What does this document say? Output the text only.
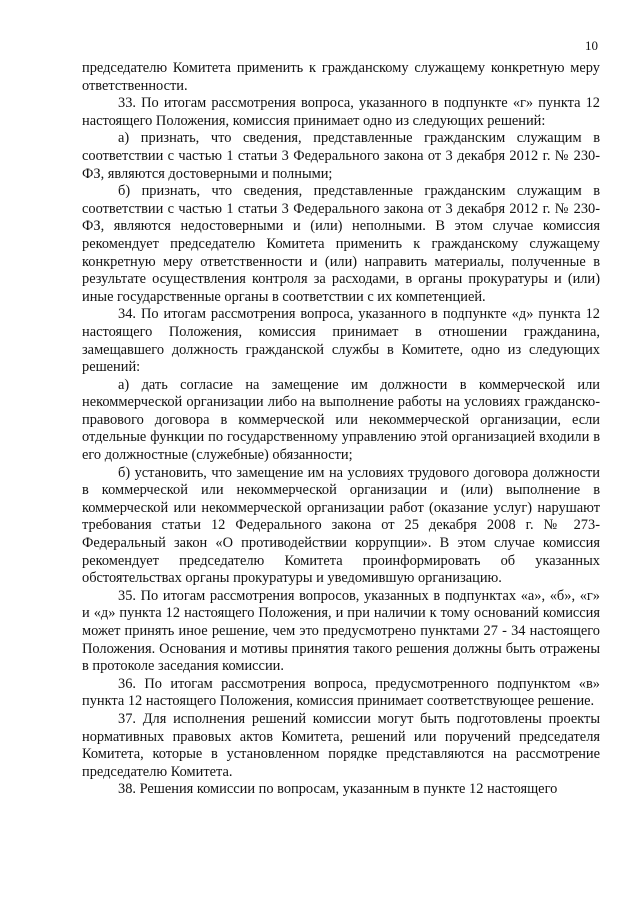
10

председателю Комитета применить к гражданскому служащему конкретную меру ответственности.

33. По итогам рассмотрения вопроса, указанного в подпункте «г» пункта 12 настоящего Положения, комиссия принимает одно из следующих решений:

а) признать, что сведения, представленные гражданским служащим в соответствии с частью 1 статьи 3 Федерального закона от 3 декабря 2012 г. № 230-ФЗ, являются достоверными и полными;

б) признать, что сведения, представленные гражданским служащим в соответствии с частью 1 статьи 3 Федерального закона от 3 декабря 2012 г. № 230-ФЗ, являются недостоверными и (или) неполными. В этом случае комиссия рекомендует председателю Комитета применить к гражданскому служащему конкретную меру ответственности и (или) направить материалы, полученные в результате осуществления контроля за расходами, в органы прокуратуры и (или) иные государственные органы в соответствии с их компетенцией.

34. По итогам рассмотрения вопроса, указанного в подпункте «д» пункта 12 настоящего Положения, комиссия принимает в отношении гражданина, замещавшего должность гражданской службы в Комитете, одно из следующих решений:

а) дать согласие на замещение им должности в коммерческой или некоммерческой организации либо на выполнение работы на условиях гражданско-правового договора в коммерческой или некоммерческой организации, если отдельные функции по государственному управлению этой организацией входили в его должностные (служебные) обязанности;

б) установить, что замещение им на условиях трудового договора должности в коммерческой или некоммерческой организации и (или) выполнение в коммерческой или некоммерческой организации работ (оказание услуг) нарушают требования статьи 12 Федерального закона от 25 декабря 2008 г. № 273-Федеральный закон «О противодействии коррупции». В этом случае комиссия рекомендует председателю Комитета проинформировать об указанных обстоятельствах органы прокуратуры и уведомившую организацию.

35. По итогам рассмотрения вопросов, указанных в подпунктах «а», «б», «г» и «д» пункта 12 настоящего Положения, и при наличии к тому оснований комиссия может принять иное решение, чем это предусмотрено пунктами 27 - 34 настоящего Положения. Основания и мотивы принятия такого решения должны быть отражены в протоколе заседания комиссии.

36. По итогам рассмотрения вопроса, предусмотренного подпунктом «в» пункта 12 настоящего Положения, комиссия принимает соответствующее решение.

37. Для исполнения решений комиссии могут быть подготовлены проекты нормативных правовых актов Комитета, решений или поручений председателя Комитета, которые в установленном порядке представляются на рассмотрение председателю Комитета.

38. Решения комиссии по вопросам, указанным в пункте 12 настоящего
